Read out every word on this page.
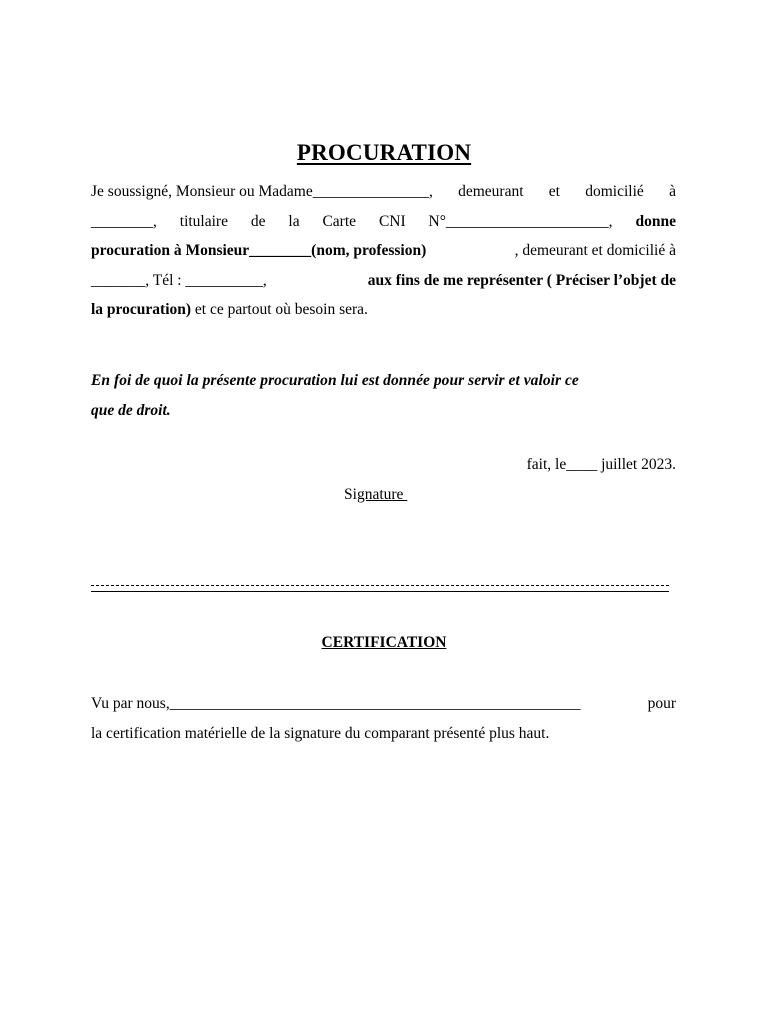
PROCURATION
Je soussigné, Monsieur ou Madame_______________, demeurant et domicilié à
________, titulaire de la Carte CNI N°_____________________, donne
procuration à Monsieur________(nom, profession)	, demeurant et domicilié à
_______, Tél : __________,	aux fins de me représenter ( Préciser l’objet de
la procuration) et ce partout où besoin sera.
En foi de quoi la présente procuration lui est donnée pour servir et valoir ce
que de droit.
fait, le____ juillet 2023.
Signature
CERTIFICATION
Vu par nous,_____________________________________________________	pour
la certification matérielle de la signature du comparant présenté plus haut.
